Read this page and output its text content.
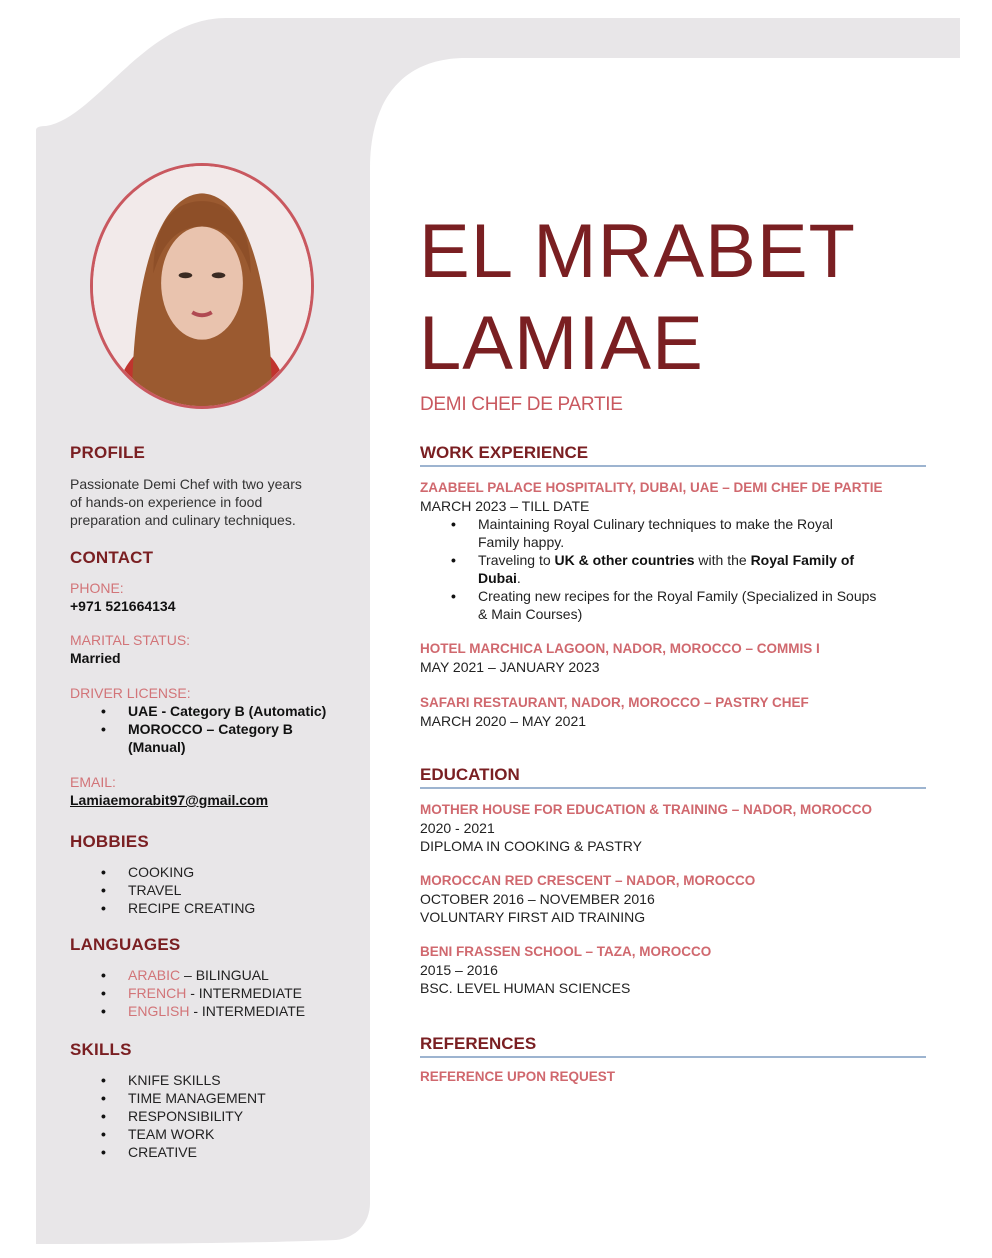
PROFILE

Passionate Demi Chef with two years

of hands-on experience in food

preparation and culinary techniques.

CONTACT

PHONE:

+971 521664134

MARITAL STATUS:

Married

DRIVER LICENSE:

• UAE - Category B (Automatic)
• MOROCCO – Category B
(Manual)

EMAIL:

Lamiaemorabit97@gmail.com

HOBBIES

• COOKING
• TRAVEL
• RECIPE CREATING

LANGUAGES

• ARABIC – BILINGUAL
• FRENCH - INTERMEDIATE
• ENGLISH - INTERMEDIATE

SKILLS

• KNIFE SKILLS
• TIME MANAGEMENT
• RESPONSIBILITY
• TEAM WORK
• CREATIVE
EL MRABET
LAMIAE
DEMI CHEF DE PARTIE

WORK EXPERIENCE

ZAABEEL PALACE HOSPITALITY, DUBAI, UAE – DEMI CHEF DE PARTIE

MARCH 2023 – TILL DATE

• Maintaining Royal Culinary techniques to make the Royal
Family happy.
• Traveling to UK & other countries with the Royal Family of
Dubai.
• Creating new recipes for the Royal Family (Specialized in Soups
& Main Courses)

HOTEL MARCHICA LAGOON, NADOR, MOROCCO – COMMIS I

MAY 2021 – JANUARY 2023

SAFARI RESTAURANT, NADOR, MOROCCO – PASTRY CHEF

MARCH 2020 – MAY 2021

EDUCATION

MOTHER HOUSE FOR EDUCATION & TRAINING – NADOR, MOROCCO

2020 - 2021

DIPLOMA IN COOKING & PASTRY

MOROCCAN RED CRESCENT – NADOR, MOROCCO

OCTOBER 2016 – NOVEMBER 2016

VOLUNTARY FIRST AID TRAINING

BENI FRASSEN SCHOOL – TAZA, MOROCCO

2015 – 2016

BSC. LEVEL HUMAN SCIENCES

REFERENCES

REFERENCE UPON REQUEST
